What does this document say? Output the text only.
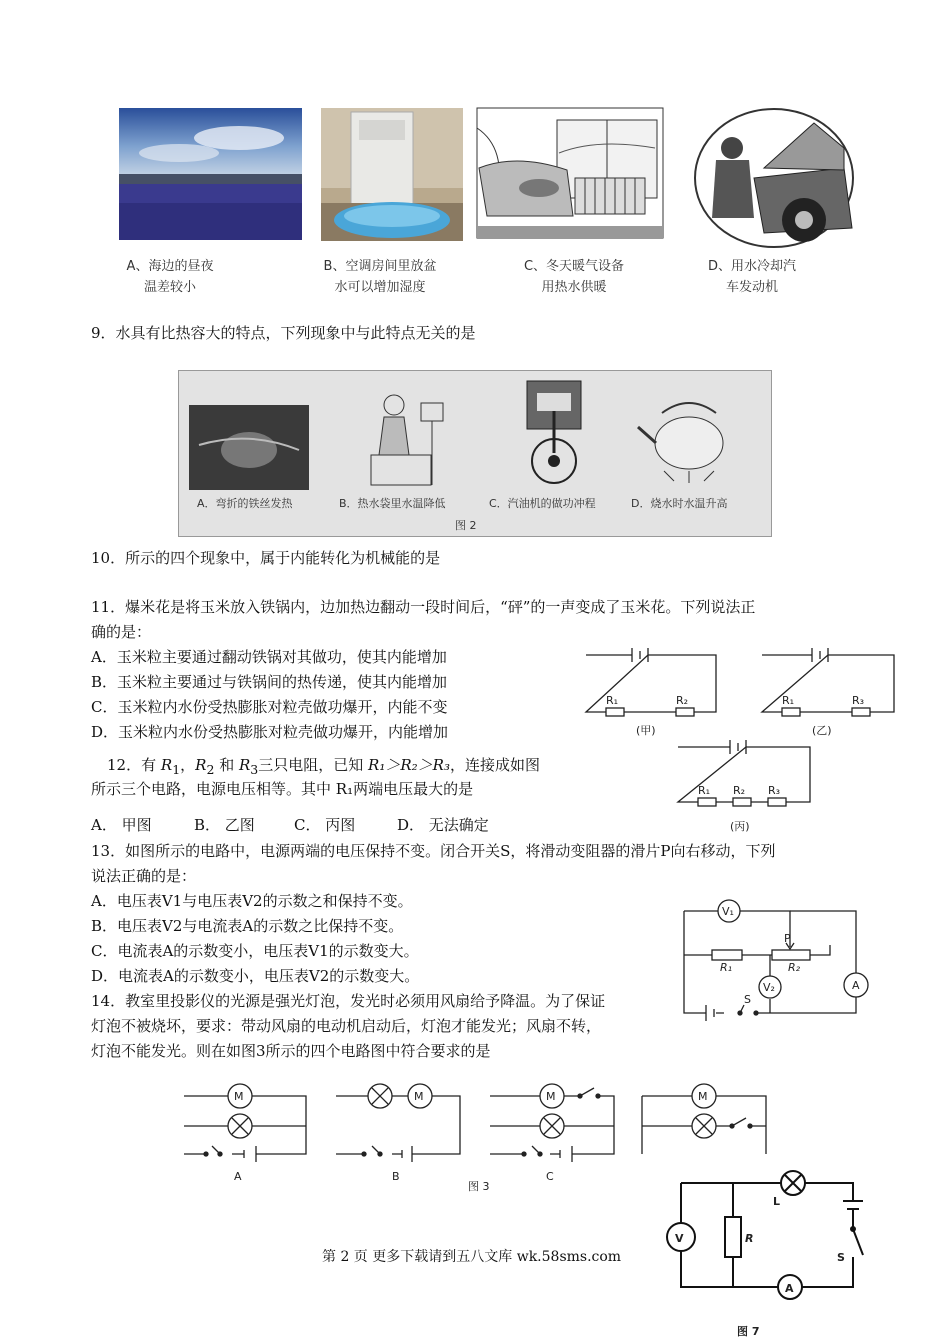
A、海边的昼夜
温差较小
B、空调房间里放盆
水可以增加湿度
C、冬天暖气设备
用热水供暖
D、用水冷却汽
车发动机
9．水具有比热容大的特点，下列现象中与此特点无关的是
A．弯折的铁丝发热	B．热水袋里水温降低	C．汽油机的做功冲程	D．烧水时水温升高
图 2
10．所示的四个现象中，属于内能转化为机械能的是
11．爆米花是将玉米放入铁锅内，边加热边翻动一段时间后，“砰”的一声变成了玉米花。下列说法正
确的是：
A．玉米粒主要通过翻动铁锅对其做功，使其内能增加
B．玉米粒主要通过与铁锅间的热传递，使其内能增加
C．玉米粒内水份受热膨胀对粒壳做功爆开，内能不变
D．玉米粒内水份受热膨胀对粒壳做功爆开，内能增加
R₁	R₂
(甲)
R₁	R₃
(乙)
R₁ R₂ R₃
(丙)
12．有 $R_1$，$R_2$ 和 $R_3$三只电阻，已知 R₁＞R₂＞R₃，连接成如图
所示三个电路，电源电压相等。其中 R₁两端电压最大的是
A． 甲图	B． 乙图	C． 丙图	D． 无法确定
13．如图所示的电路中，电源两端的电压保持不变。闭合开关S，将滑动变阻器的滑片P向右移动，下列
说法正确的是：
A．电压表V1与电压表V2的示数之和保持不变。
B．电压表V2与电流表A的示数之比保持不变。
C．电流表A的示数变小，电压表V1的示数变大。
D．电流表A的示数变小，电压表V2的示数变大。
V₁
V₂	A
P
R₁	R₂
S
14．教室里投影仪的光源是强光灯泡，发光时必须用风扇给予降温。为了保证
灯泡不被烧坏，要求：带动风扇的电动机启动后，灯泡才能发光；风扇不转，
灯泡不能发光。则在如图3所示的四个电路图中符合要求的是
M	M	M	M
A	B	C
图 3
V	R
L
A
S
图 7
第 2 页 更多下载请到五八文库 wk.58sms.com
